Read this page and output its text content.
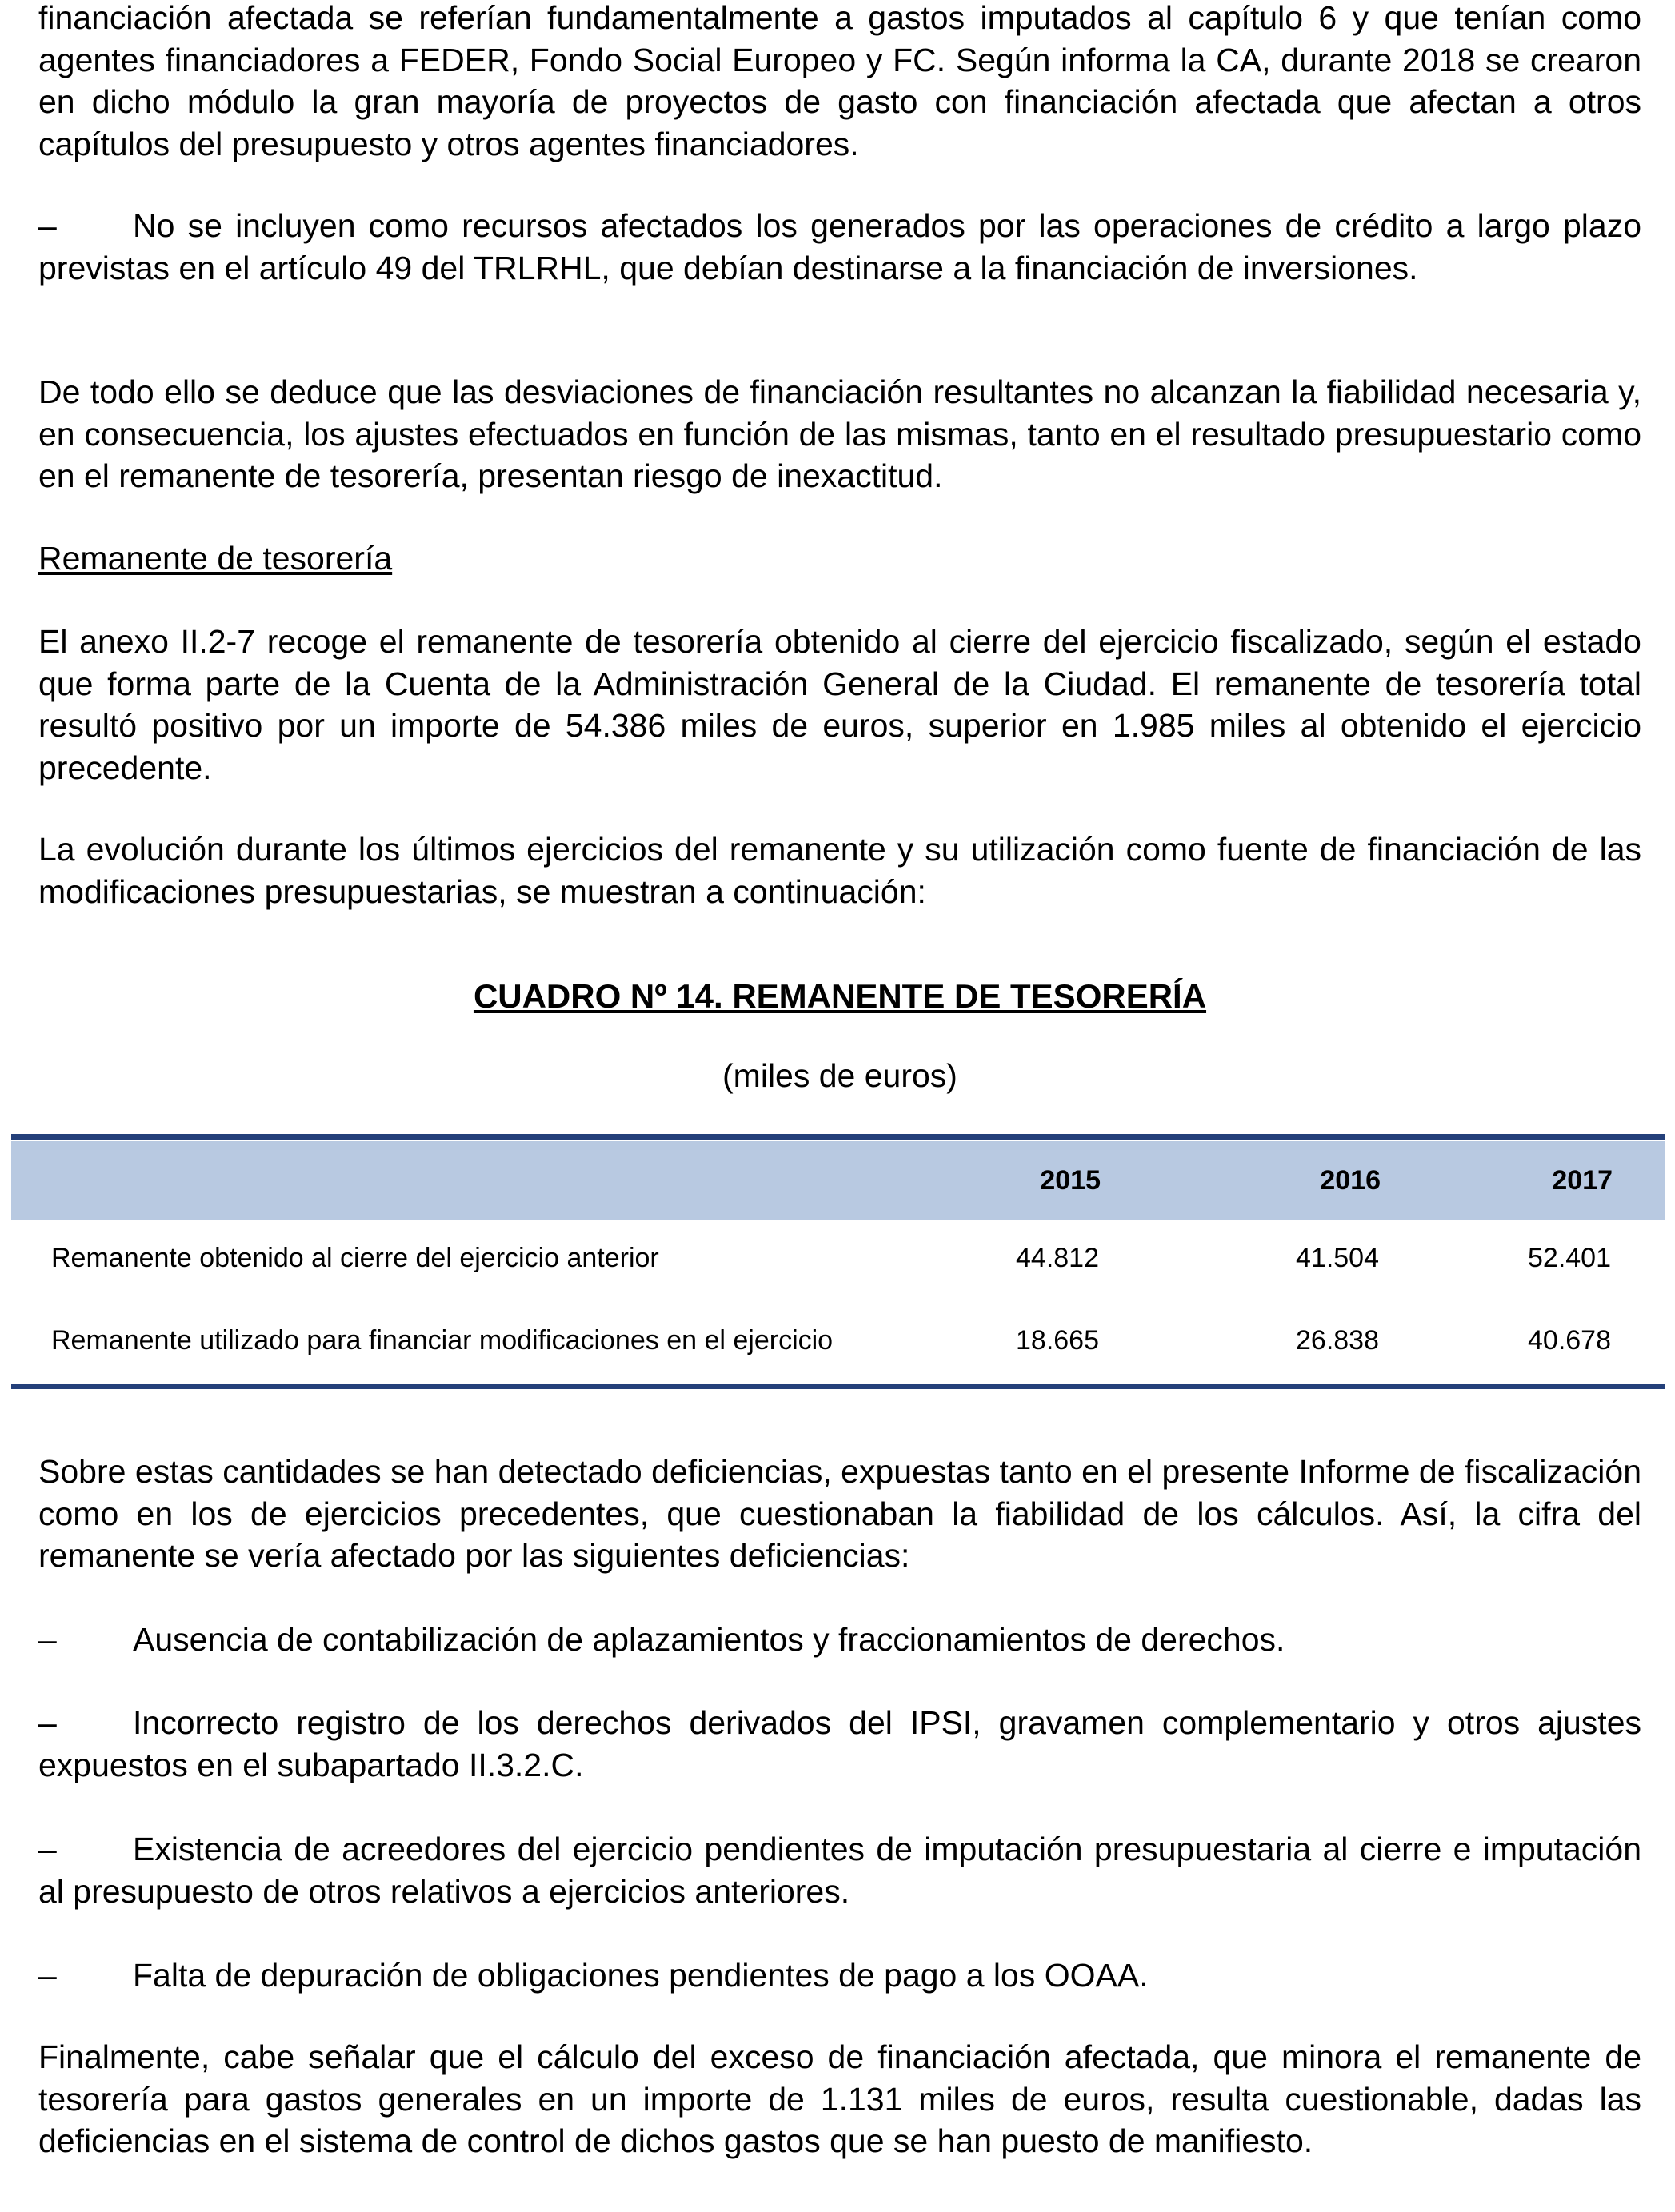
financiación afectada se referían fundamentalmente a gastos imputados al capítulo 6 y que tenían como agentes financiadores a FEDER, Fondo Social Europeo y FC. Según informa la CA, durante 2018 se crearon en dicho módulo la gran mayoría de proyectos de gasto con financiación afectada que afectan a otros capítulos del presupuesto y otros agentes financiadores.

– No se incluyen como recursos afectados los generados por las operaciones de crédito a largo plazo previstas en el artículo 49 del TRLRHL, que debían destinarse a la financiación de inversiones.

De todo ello se deduce que las desviaciones de financiación resultantes no alcanzan la fiabilidad necesaria y, en consecuencia, los ajustes efectuados en función de las mismas, tanto en el resultado presupuestario como en el remanente de tesorería, presentan riesgo de inexactitud.

Remanente de tesorería

El anexo II.2-7 recoge el remanente de tesorería obtenido al cierre del ejercicio fiscalizado, según el estado que forma parte de la Cuenta de la Administración General de la Ciudad. El remanente de tesorería total resultó positivo por un importe de 54.386 miles de euros, superior en 1.985 miles al obtenido el ejercicio precedente.

La evolución durante los últimos ejercicios del remanente y su utilización como fuente de financiación de las modificaciones presupuestarias, se muestran a continuación:

CUADRO Nº 14. REMANENTE DE TESORERÍA
(miles de euros)

	2015	2016	2017
Remanente obtenido al cierre del ejercicio anterior	44.812	41.504	52.401
Remanente utilizado para financiar modificaciones en el ejercicio	18.665	26.838	40.678

Sobre estas cantidades se han detectado deficiencias, expuestas tanto en el presente Informe de fiscalización como en los de ejercicios precedentes, que cuestionaban la fiabilidad de los cálculos. Así, la cifra del remanente se vería afectado por las siguientes deficiencias:

– Ausencia de contabilización de aplazamientos y fraccionamientos de derechos.

– Incorrecto registro de los derechos derivados del IPSI, gravamen complementario y otros ajustes expuestos en el subapartado II.3.2.C.

– Existencia de acreedores del ejercicio pendientes de imputación presupuestaria al cierre e imputación al presupuesto de otros relativos a ejercicios anteriores.

– Falta de depuración de obligaciones pendientes de pago a los OOAA.

Finalmente, cabe señalar que el cálculo del exceso de financiación afectada, que minora el remanente de tesorería para gastos generales en un importe de 1.131 miles de euros, resulta cuestionable, dadas las deficiencias en el sistema de control de dichos gastos que se han puesto de manifiesto.
